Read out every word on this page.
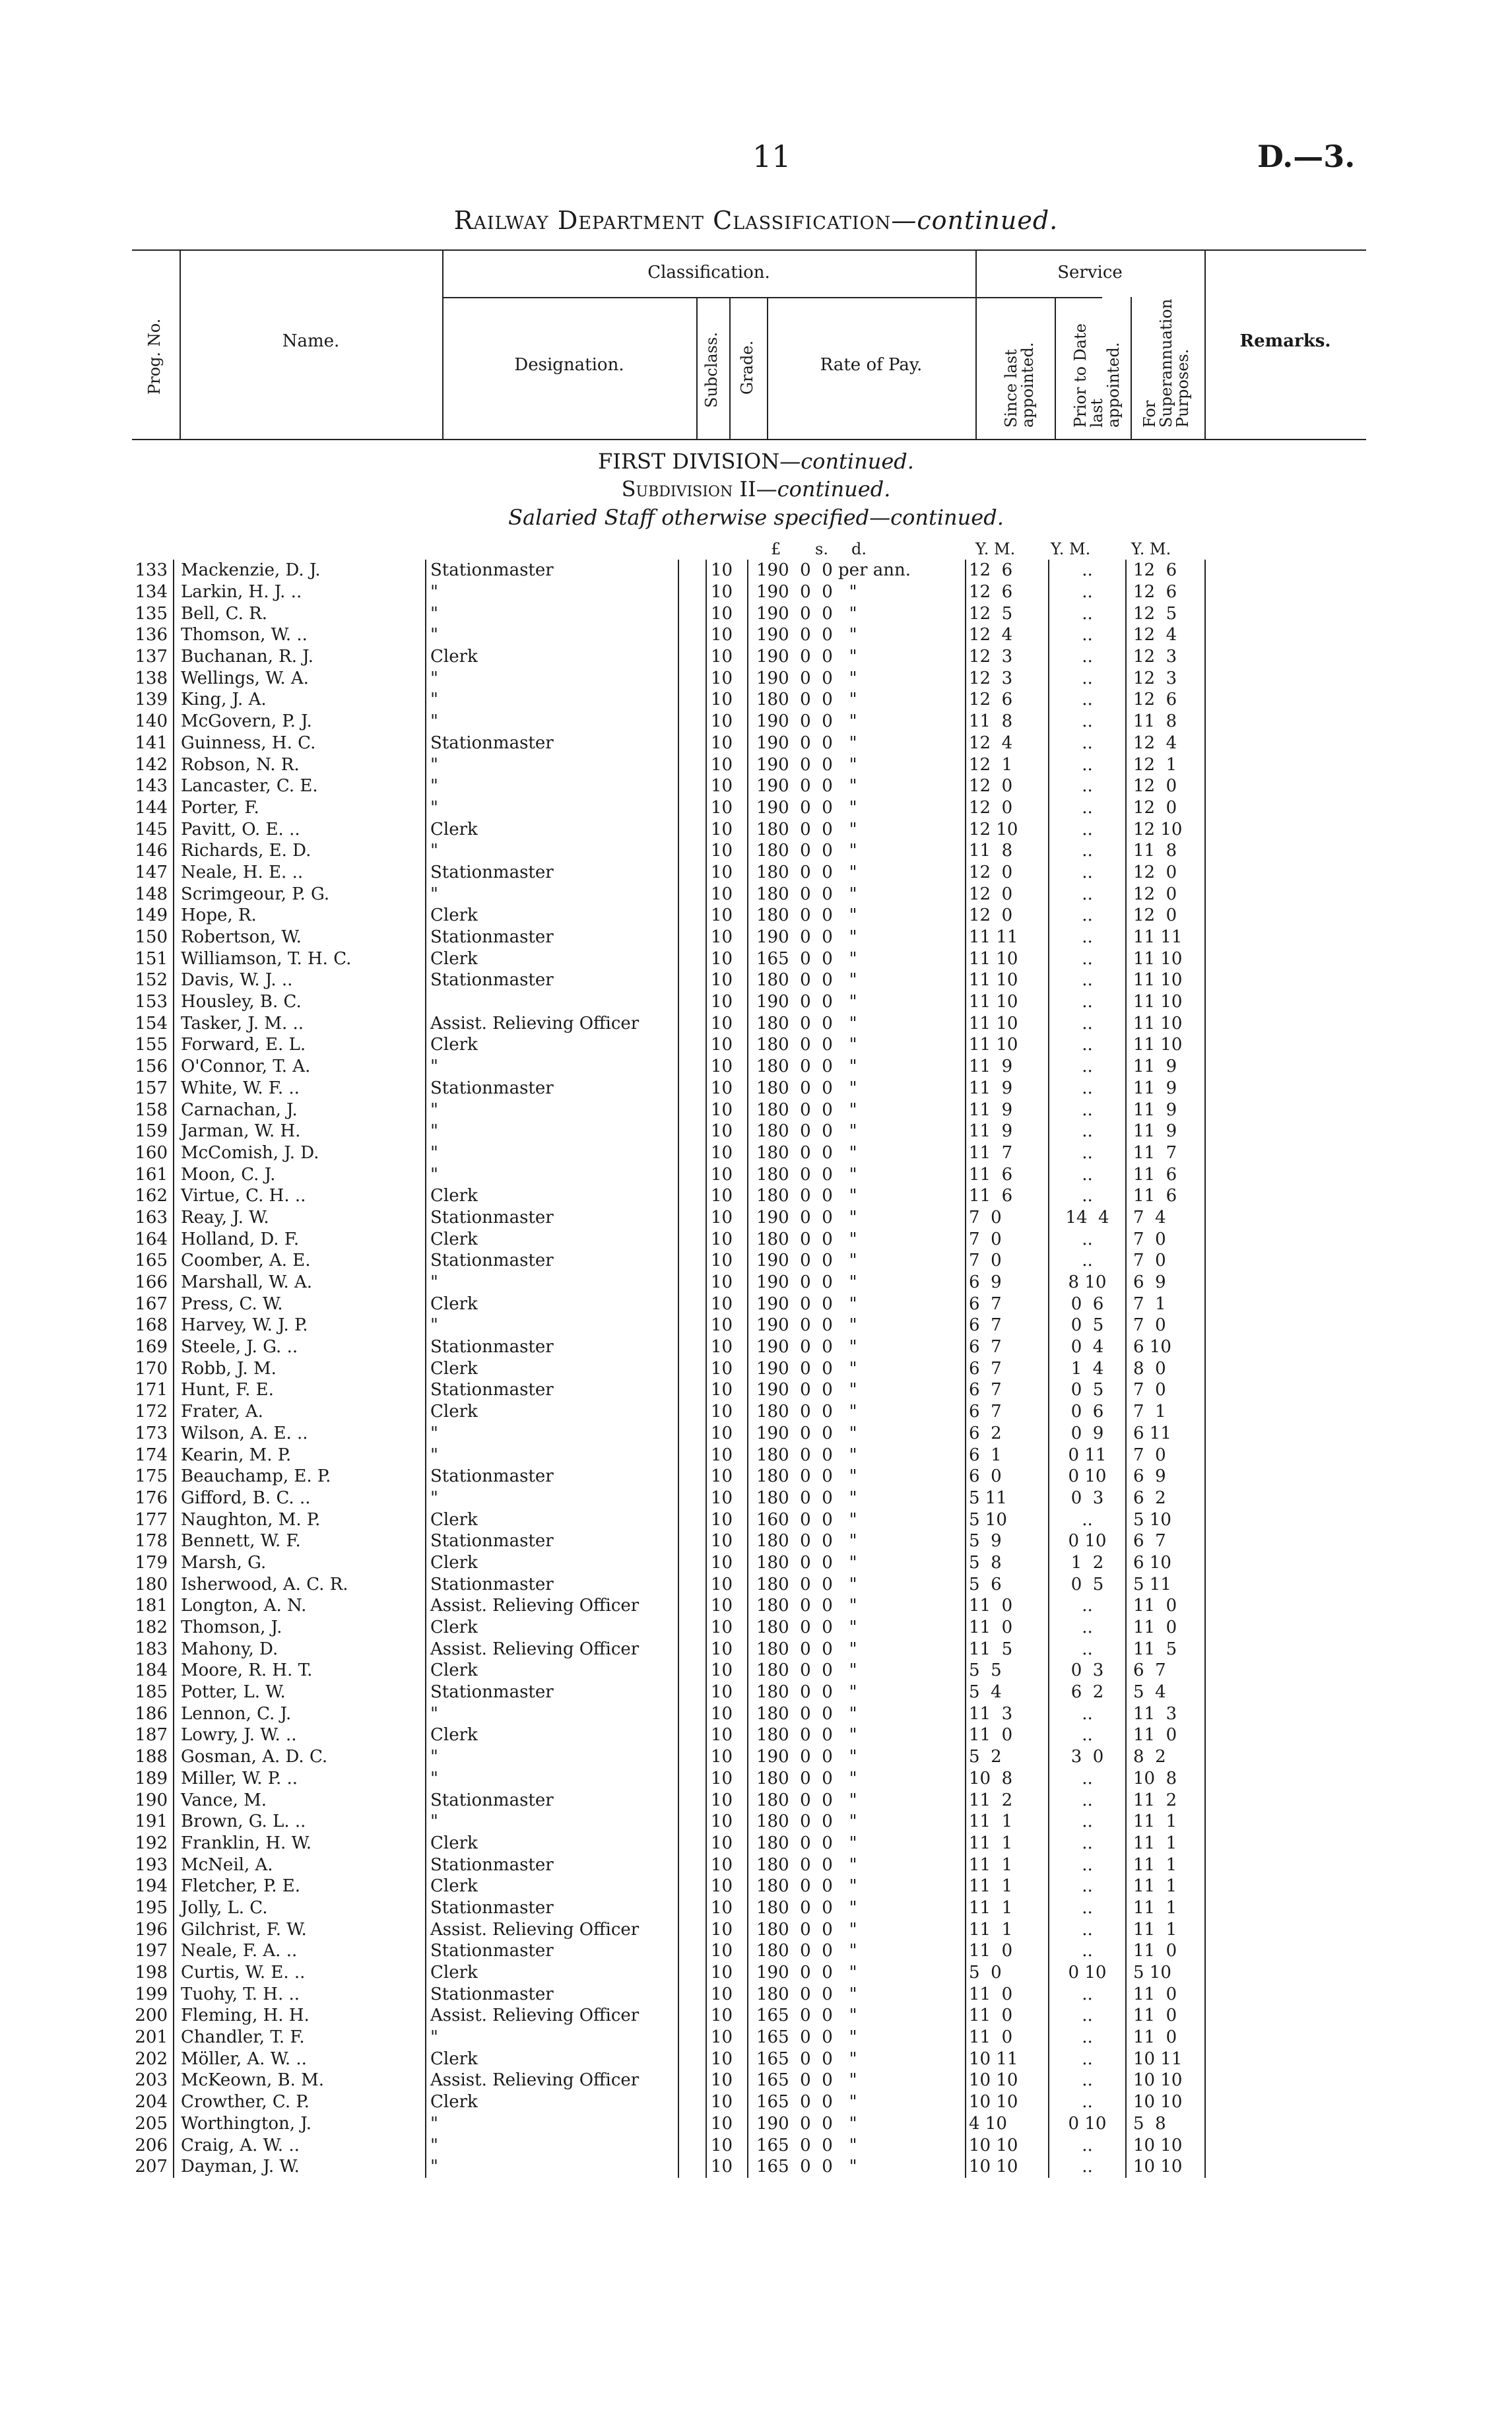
11	D.—3.
Railway Department Classification—continued.
Prog. No.	Name.
Classification.
Designation.	Subclass. Grade.	Rate of Pay.
Service
Since last appointed. Prior to Date last appointed. For Superannuation Purposes.
Remarks.
FIRST DIVISION—continued.
Subdivision II—continued.
Salaried Staff otherwise specified—continued.
£ s. d.	Y. M. Y. M.	Y. M.
133	Mackenzie, D. J.	Stationmaster		10	190  0  0 per ann.	12  6	..	12  6
134	Larkin, H. J. ..	"		10	190  0  0   "	12  6	..	12  6
135	Bell, C. R.	"		10	190  0  0   "	12  5	..	12  5
136	Thomson, W. ..	"		10	190  0  0   "	12  4	..	12  4
137	Buchanan, R. J.	Clerk		10	190  0  0   "	12  3	..	12  3
138	Wellings, W. A.	"		10	190  0  0   "	12  3	..	12  3
139	King, J. A.	"		10	180  0  0   "	12  6	..	12  6
140	McGovern, P. J.	"		10	190  0  0   "	11  8	..	11  8
141	Guinness, H. C.	Stationmaster		10	190  0  0   "	12  4	..	12  4
142	Robson, N. R.	"		10	190  0  0   "	12  1	..	12  1
143	Lancaster, C. E.	"		10	190  0  0   "	12  0	..	12  0
144	Porter, F.	"		10	190  0  0   "	12  0	..	12  0
145	Pavitt, O. E. ..	Clerk		10	180  0  0   "	12 10	..	12 10
146	Richards, E. D.	"		10	180  0  0   "	11  8	..	11  8
147	Neale, H. E. ..	Stationmaster		10	180  0  0   "	12  0	..	12  0
148	Scrimgeour, P. G.	"		10	180  0  0   "	12  0	..	12  0
149	Hope, R.	Clerk		10	180  0  0   "	12  0	..	12  0
150	Robertson, W.	Stationmaster		10	190  0  0   "	11 11	..	11 11
151	Williamson, T. H. C.	Clerk		10	165  0  0   "	11 10	..	11 10
152	Davis, W. J. ..	Stationmaster		10	180  0  0   "	11 10	..	11 10
153	Housley, B. C.			10	190  0  0   "	11 10	..	11 10
154	Tasker, J. M. ..	Assist. Relieving Officer		10	180  0  0   "	11 10	..	11 10
155	Forward, E. L.	Clerk		10	180  0  0   "	11 10	..	11 10
156	O'Connor, T. A.	"		10	180  0  0   "	11  9	..	11  9
157	White, W. F. ..	Stationmaster		10	180  0  0   "	11  9	..	11  9
158	Carnachan, J.	"		10	180  0  0   "	11  9	..	11  9
159	Jarman, W. H.	"		10	180  0  0   "	11  9	..	11  9
160	McComish, J. D.	"		10	180  0  0   "	11  7	..	11  7
161	Moon, C. J.	"		10	180  0  0   "	11  6	..	11  6
162	Virtue, C. H. ..	Clerk		10	180  0  0   "	11  6	..	11  6
163	Reay, J. W.	Stationmaster		10	190  0  0   "	7  0	14  4	7  4
164	Holland, D. F.	Clerk		10	180  0  0   "	7  0	..	7  0
165	Coomber, A. E.	Stationmaster		10	190  0  0   "	7  0	..	7  0
166	Marshall, W. A.	"		10	190  0  0   "	6  9	8 10	6  9
167	Press, C. W.	Clerk		10	190  0  0   "	6  7	0  6	7  1
168	Harvey, W. J. P.	"		10	190  0  0   "	6  7	0  5	7  0
169	Steele, J. G. ..	Stationmaster		10	190  0  0   "	6  7	0  4	6 10
170	Robb, J. M.	Clerk		10	190  0  0   "	6  7	1  4	8  0
171	Hunt, F. E.	Stationmaster		10	190  0  0   "	6  7	0  5	7  0
172	Frater, A.	Clerk		10	180  0  0   "	6  7	0  6	7  1
173	Wilson, A. E. ..	"		10	190  0  0   "	6  2	0  9	6 11
174	Kearin, M. P.	"		10	180  0  0   "	6  1	0 11	7  0
175	Beauchamp, E. P.	Stationmaster		10	180  0  0   "	6  0	0 10	6  9
176	Gifford, B. C. ..	"		10	180  0  0   "	5 11	0  3	6  2
177	Naughton, M. P.	Clerk		10	160  0  0   "	5 10	..	5 10
178	Bennett, W. F.	Stationmaster		10	180  0  0   "	5  9	0 10	6  7
179	Marsh, G.	Clerk		10	180  0  0   "	5  8	1  2	6 10
180	Isherwood, A. C. R.	Stationmaster		10	180  0  0   "	5  6	0  5	5 11
181	Longton, A. N.	Assist. Relieving Officer		10	180  0  0   "	11  0	..	11  0
182	Thomson, J.	Clerk		10	180  0  0   "	11  0	..	11  0
183	Mahony, D.	Assist. Relieving Officer		10	180  0  0   "	11  5	..	11  5
184	Moore, R. H. T.	Clerk		10	180  0  0   "	5  5	0  3	6  7
185	Potter, L. W.	Stationmaster		10	180  0  0   "	5  4	6  2	5  4
186	Lennon, C. J.	"		10	180  0  0   "	11  3	..	11  3
187	Lowry, J. W. ..	Clerk		10	180  0  0   "	11  0	..	11  0
188	Gosman, A. D. C.	"		10	190  0  0   "	5  2	3  0	8  2
189	Miller, W. P. ..	"		10	180  0  0   "	10  8	..	10  8
190	Vance, M.	Stationmaster		10	180  0  0   "	11  2	..	11  2
191	Brown, G. L. ..	"		10	180  0  0   "	11  1	..	11  1
192	Franklin, H. W.	Clerk		10	180  0  0   "	11  1	..	11  1
193	McNeil, A.	Stationmaster		10	180  0  0   "	11  1	..	11  1
194	Fletcher, P. E.	Clerk		10	180  0  0   "	11  1	..	11  1
195	Jolly, L. C.	Stationmaster		10	180  0  0   "	11  1	..	11  1
196	Gilchrist, F. W.	Assist. Relieving Officer		10	180  0  0   "	11  1	..	11  1
197	Neale, F. A. ..	Stationmaster		10	180  0  0   "	11  0	..	11  0
198	Curtis, W. E. ..	Clerk		10	190  0  0   "	5  0	0 10	5 10
199	Tuohy, T. H. ..	Stationmaster		10	180  0  0   "	11  0	..	11  0
200	Fleming, H. H.	Assist. Relieving Officer		10	165  0  0   "	11  0	..	11  0
201	Chandler, T. F.	"		10	165  0  0   "	11  0	..	11  0
202	Möller, A. W. ..	Clerk		10	165  0  0   "	10 11	..	10 11
203	McKeown, B. M.	Assist. Relieving Officer		10	165  0  0   "	10 10	..	10 10
204	Crowther, C. P.	Clerk		10	165  0  0   "	10 10	..	10 10
205	Worthington, J.	"		10	190  0  0   "	4 10	0 10	5  8
206	Craig, A. W. ..	"		10	165  0  0   "	10 10	..	10 10
207	Dayman, J. W.	"		10	165  0  0   "	10 10	..	10 10
